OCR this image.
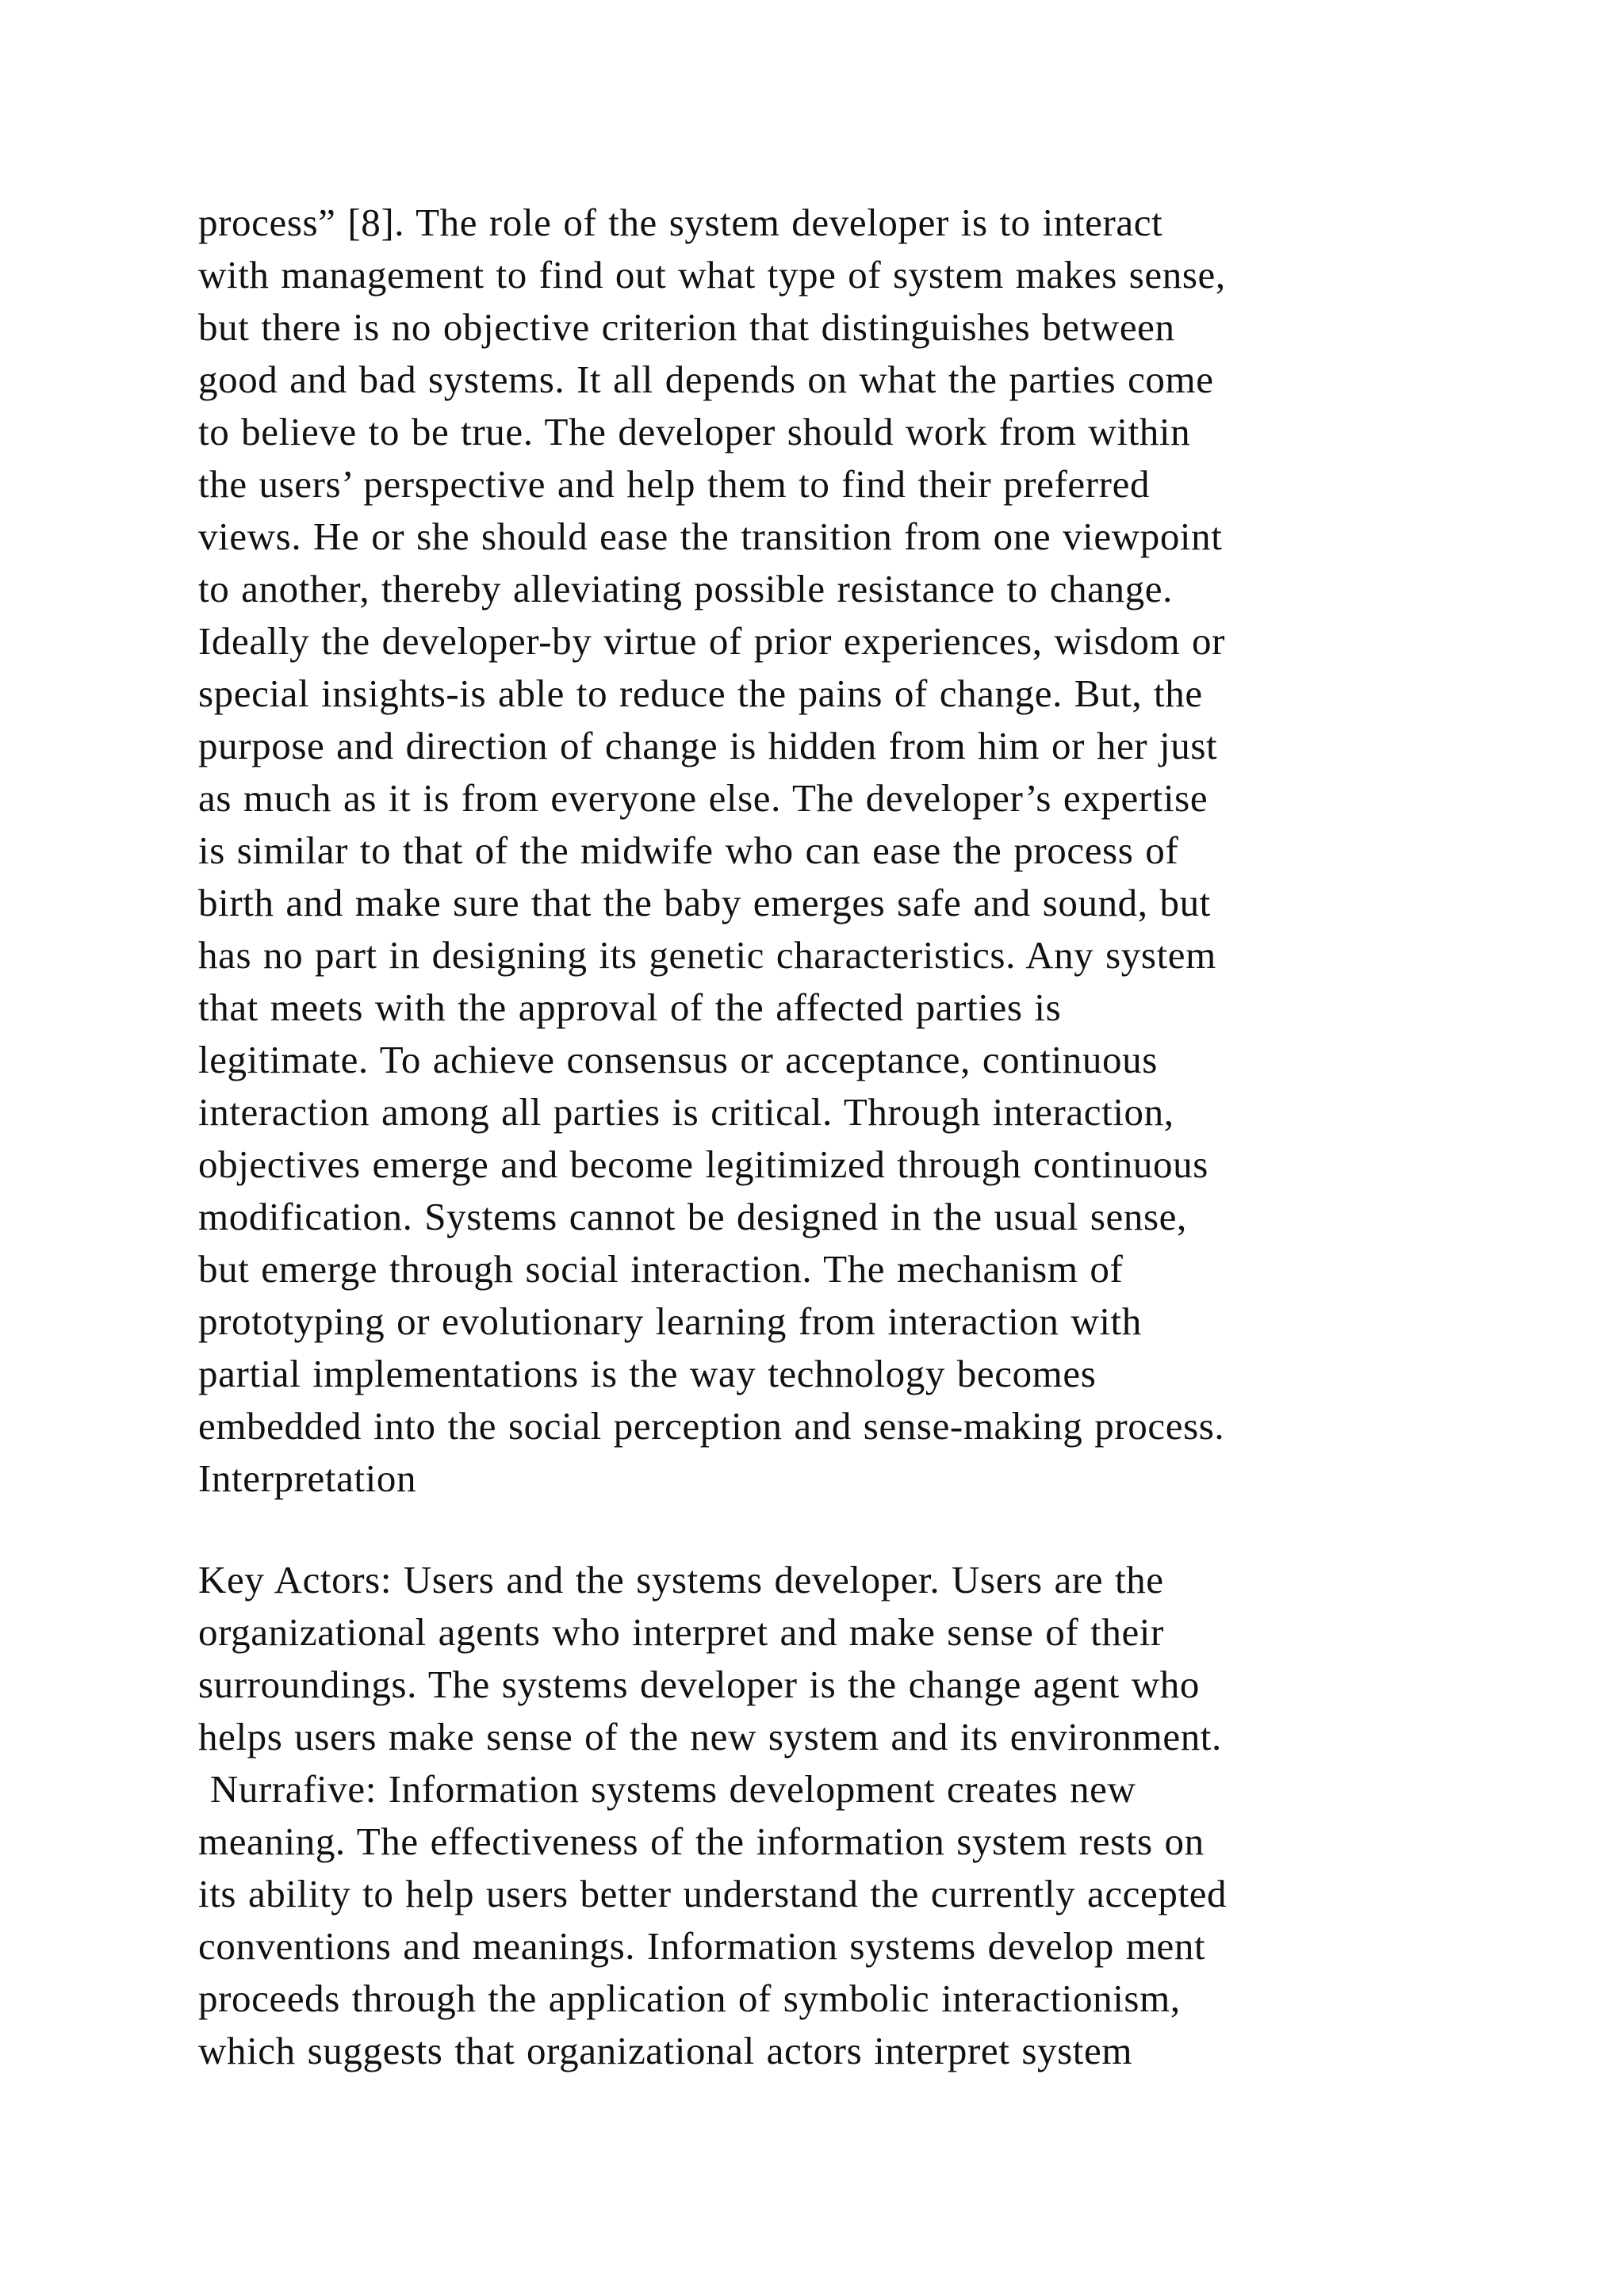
process” [8]. The role of the system developer is to interact
with management to find out what type of system makes sense,
but there is no objective criterion that distinguishes between
good and bad systems. It all depends on what the parties come
to believe to be true. The developer should work from within
the users’ perspective and help them to find their preferred
views. He or she should ease the transition from one viewpoint
to another, thereby alleviating possible resistance to change.
Ideally the developer-by virtue of prior experiences, wisdom or
special insights-is able to reduce the pains of change. But, the
purpose and direction of change is hidden from him or her just
as much as it is from everyone else. The developer’s expertise
is similar to that of the midwife who can ease the process of
birth and make sure that the baby emerges safe and sound, but
has no part in designing its genetic characteristics. Any system
that meets with the approval of the affected parties is
legitimate. To achieve consensus or acceptance, continuous
interaction among all parties is critical. Through interaction,
objectives emerge and become legitimized through continuous
modification. Systems cannot be designed in the usual sense,
but emerge through social interaction. The mechanism of
prototyping or evolutionary learning from interaction with
partial implementations is the way technology becomes
embedded into the social perception and sense-making process.
Interpretation
Key Actors: Users and the systems developer. Users are the
organizational agents who interpret and make sense of their
surroundings. The systems developer is the change agent who
helps users make sense of the new system and its environment.
Nurrafive: Information systems development creates new
meaning. The effectiveness of the information system rests on
its ability to help users better understand the currently accepted
conventions and meanings. Information systems develop ment
proceeds through the application of symbolic interactionism,
which suggests that organizational actors interpret system
